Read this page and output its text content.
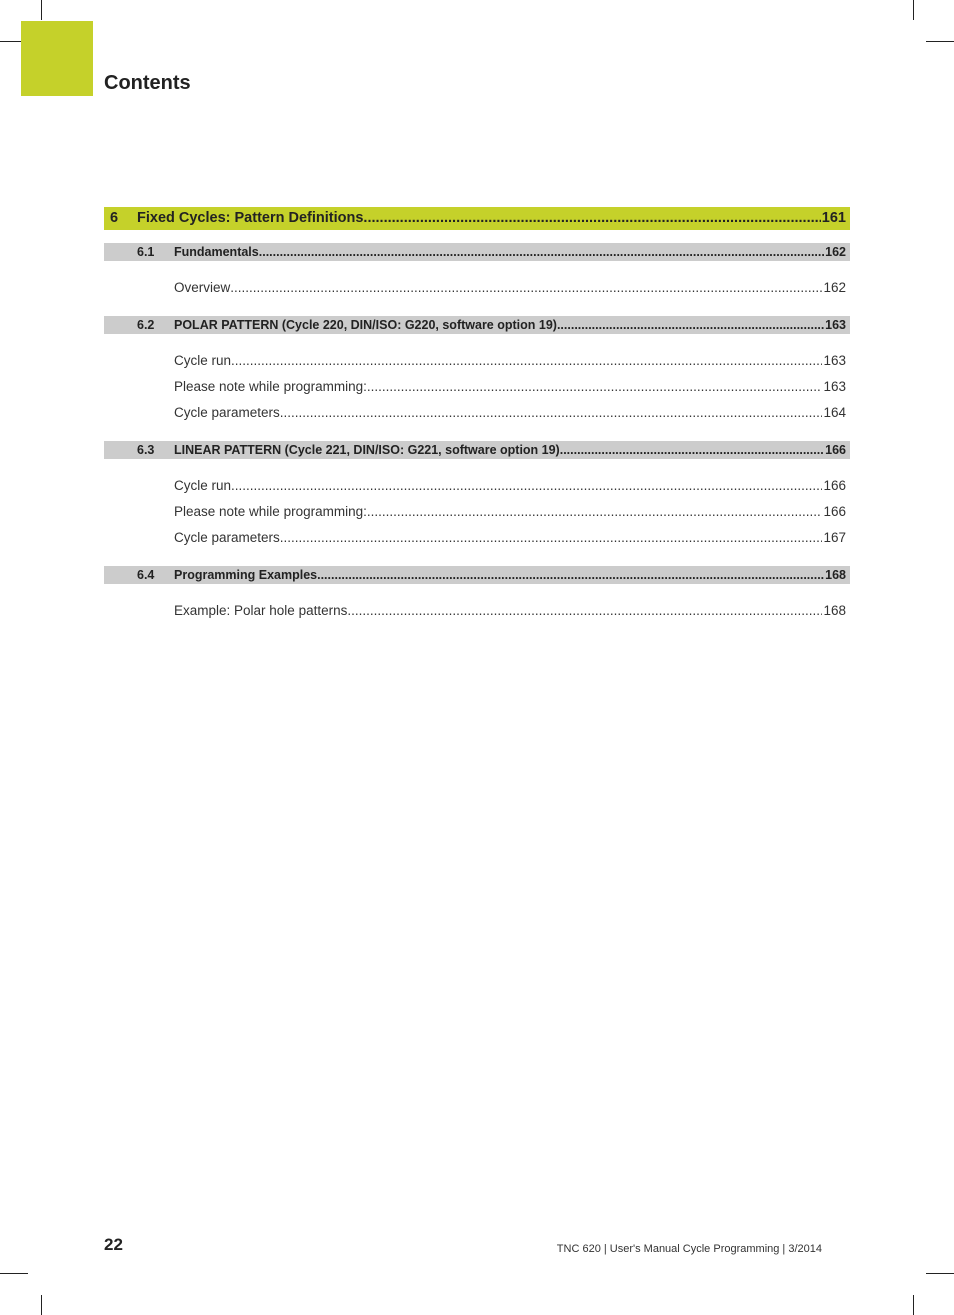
Contents
6	Fixed Cycles: Pattern Definitions .....	161
6.1	Fundamentals .....	162
Overview .....	162
6.2	POLAR PATTERN (Cycle 220, DIN/ISO: G220, software option 19) .....	163
Cycle run .....	163
Please note while programming: .....	163
Cycle parameters .....	164
6.3	LINEAR PATTERN (Cycle 221, DIN/ISO: G221, software option 19) .....	166
Cycle run .....	166
Please note while programming: .....	166
Cycle parameters .....	167
6.4	Programming Examples .....	168
Example: Polar hole patterns .....	168
22	TNC 620 | User's Manual Cycle Programming | 3/2014
